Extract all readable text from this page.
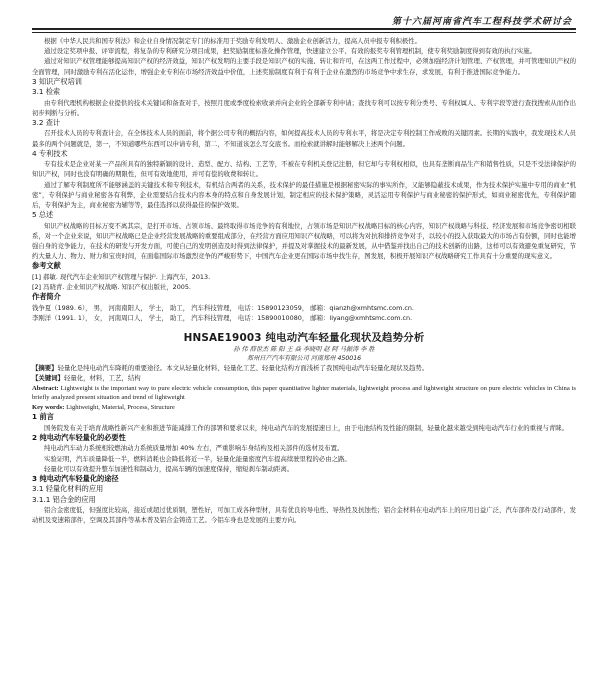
第十六届河南省汽车工程科技学术研讨会

根据《中华人民共和国专利法》和企业自身情况制定专门的标准用于奖励专利发明人、激励企业创新活力，提高人员申报专利积极性。

通过设定奖项申报、评审流程，将复杂的专利研究分项目成果，把奖励制度标准化操作管理，快速建立公平、有效的报奖专利管理机制，使专利奖励制度得到有效的执行实施。

通过对知识产权管理能够提高知识产权的经济效益，知识产权发明的主要手段是知识产权的实施、转让和许可，在这两工作过程中，必须加强经济计划管理、产权管理，并可管理知识产权的全面管理，同时激励专利在活化运作，增强企业专利在市场经济效益中价值，上述奖励制度有利于有利于企业在激烈的市场竞争中求生存，求发展，有利于推进国际竞争能力。

3 知识产权培训
3.1 检索

由专利代理机构根据企业提供的技术关键词和备查对手，按照月度或季度检索收录并向企业的全部新专利申请；查找专利可以按专利分类号、专利权属人、专利字段等进行查找搜索从而作出初步判断与分析。

3.2 查计

召开技术人员的专利查计会，在全体技术人员的面前，将个据公司专利的概括内容，如何提高技术人员的专利水平，将是决定专利控制工作成败的关键因素。长期的实践中，我发现技术人员最多的两个问题就是，第一，不知道哪些东西可以申请专利，第二，不知道该怎么写交底书。而检索就讲解时能够解决上述两个问题。

4 专利技术

专有技术是企业对某一产品所具有的独特新颖的设计、造型、配方、结构、工艺等，不被在专利机关登记注册，但它却与专利权相似，也具有垄断商品生产和销售性质，只是不受法律保护的知识产权，同时也没有明确的期限性，但可有效地使用，并可有偿的收费和转让。

通过了解专利制度所不能够涵盖的关键技术和专利技术，有机结合两者的关系，技术保护的最佳措施是根据秘密实际的事实所作，又能够隐蔽技术成果，作为技术保护实施中专用的商业“机密”，专利保护与商业秘密各有利弊，企业需要结合技术内容本身的特点和自身发展计划，制定相应的技术保护策略，灵活运用专利保护与商业秘密的保护形式，如商业秘密优先，专利保护随后，专利保护为主，商业秘密为辅等等，最佳选择以获得最佳的保护效果。

5 总述

知识产权战略的目标万变不离其宗，是打开市场、占领市场、最终取得市场竞争的有利地位，占领市场是知识产权战略目标的核心内容，知识产权战略与科技、经济发展和市场竞争密切相联系，对一个企业来说，知识产权战略已是企业经营发展战略的重要组成部分，在经营方面应用知识产权战略，可以将为对抗和排挤竞争对手，以较小的投入获取最大的市场占有份额，同时也能增强自身的竞争能力，在技术的研发与开发方面，可使自己的发明创造及时得到法律保护，并提及对掌握技术的最新发展，从中借鉴并找出自己的技术创新的出路，这样可以有效避免重复研究，节约大量人力、物力、财力和宝贵时间，在面临国际市场激烈竞争的严峻形势下，中国汽车企业更在国际市场中找生存，图发展，积极开展知识产权战略研究工作具有十分重要的现实意义。

参考文献

[1] 郝敏. 现代汽车企业知识产权管理与保护. 上海汽车，2013.

[2] 冯晓青. 企业知识产权战略. 知识产权出版社，2005.

作者简介

钱争夏（1989. 6）， 男， 河南南阳人， 学士， 助工， 汽车科技管理， 电话：15890123059， 邮箱：qianzh@xmhtsmc.com.cn.

李刚洋（1991. 1）， 女， 河南周口人， 学士， 助工， 汽车科技管理， 电话：15890010080， 邮箱：liyang@xmhtsmc.com.cn.

HNSAE19003 纯电动汽车轻量化现状及趋势分析
孙 伟 薛世杰 陈 阳 王 焱 李晓明 赵 阿 马振涛 李 胜
郑州日产汽车有限公司 河南郑州 450016

【摘要】轻量化是纯电动汽车降耗的重要途径。本文从轻量化材料、轻量化工艺、轻量化结构方面浅析了我国纯电动汽车轻量化现状及趋势。

【关键词】轻量化，材料，工艺，结构

Abstract: Lightweight is the important way to pure electric vehicle consumption, this paper quantitative lighter materials, lightweight process and lightweight structure on pure electric vehicles in China is briefly analyzed present situation and trend of lightweight

Key words: Lightweight, Material, Process, Structure

1 前言

国务院发布关于培育战略性新兴产业和推进节能减排工作的部署和要求以来，纯电动汽车的发展提速日上，由于电池结构及性能的限制，轻量化越来越受到纯电动汽车行业的重视与青睐。

2 纯电动汽车轻量化的必要性

纯电动汽车动力系统相较燃油动力系统质量增加 40% 左右，严重影响车身结构及相关部件的选材及布置。

实验证明，汽车质量降低一半，燃料消耗也会降低将近一半，轻量化能量密度汽车提高续驶里程的必由之路。

轻量化可以有效提升整车加速性和制动力，提高车辆的加速度保持，缩短刹车制动距离。

3 纯电动汽车轻量化的途径
3.1 轻量化材料的应用
3.1.1 铝合金的应用

铝合金密度低，但强度比较高，接近或超过优质钢，塑性好，可加工成各种型材，具有优良的导电性、导热性及抗蚀性；铝合金材料在电动汽车上的应用日益广泛，汽车部件及行动部件，发动机及变速箱部件，空调及其部件等基本普及铝合金铸造工艺。今铝车身也是发展的主要方向。
